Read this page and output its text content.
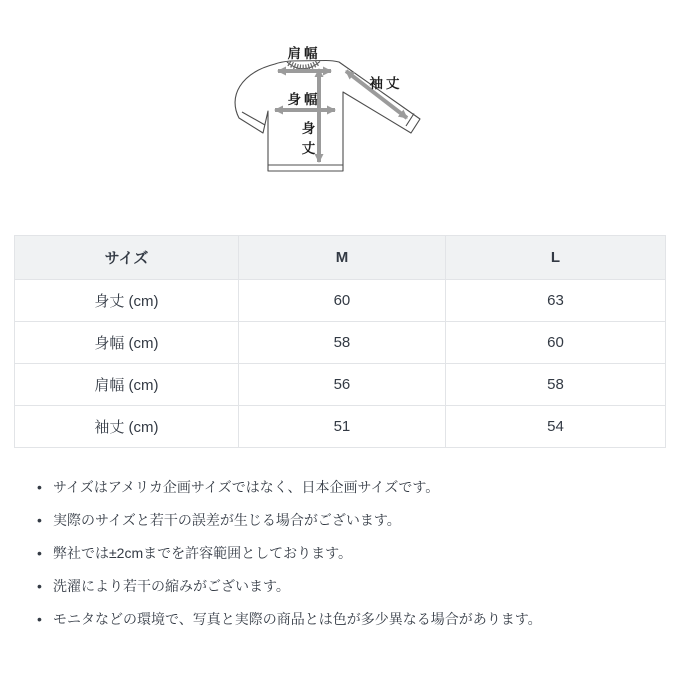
肩幅
袖丈
身幅
身
丈
サイズ	M	L
身丈 (cm)	60	63
身幅 (cm)	58	60
肩幅 (cm)	56	58
袖丈 (cm)	51	54
• サイズはアメリカ企画サイズではなく、日本企画サイズです。
• 実際のサイズと若干の誤差が生じる場合がございます。
• 弊社では±2cmまでを許容範囲としております。
• 洗濯により若干の縮みがございます。
• モニタなどの環境で、写真と実際の商品とは色が多少異なる場合があります。
